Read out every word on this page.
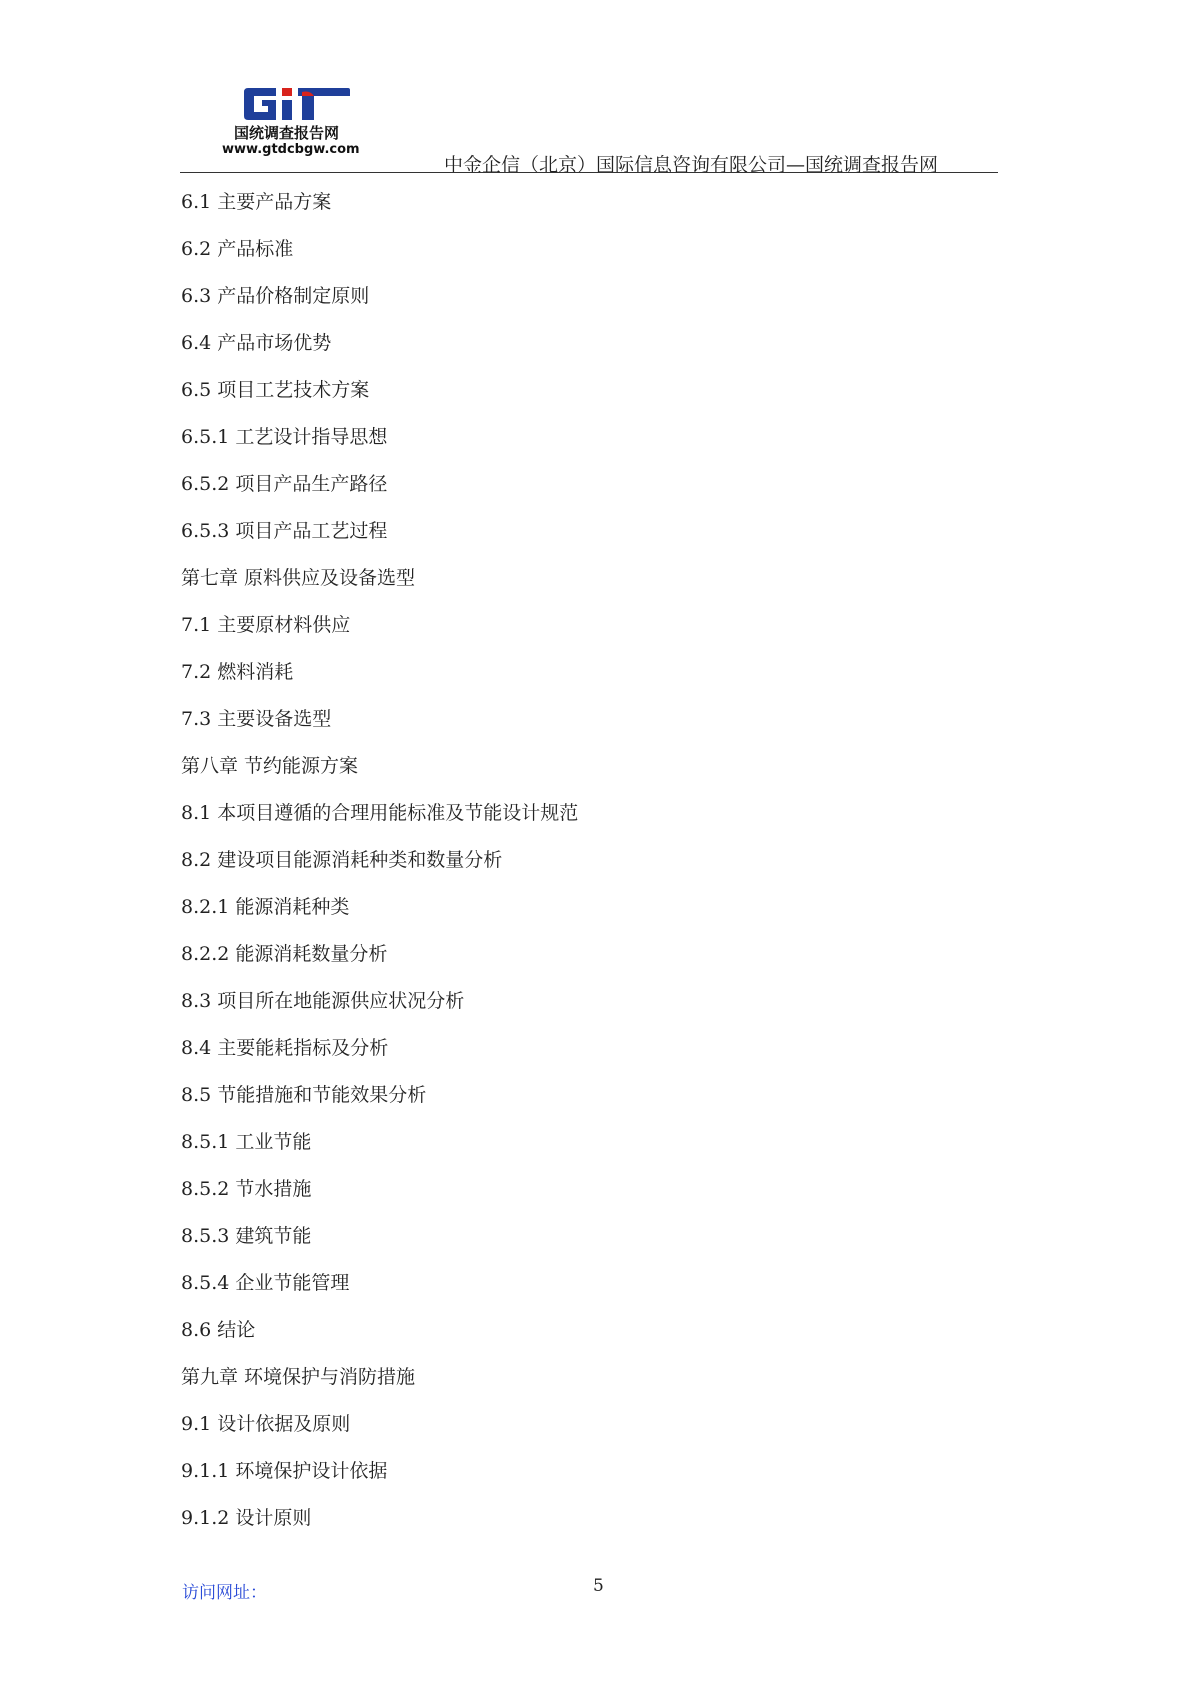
国统调查报告网
www.gtdcbgw.com
中金企信（北京）国际信息咨询有限公司—国统调查报告网
6.1 主要产品方案
6.2 产品标准
6.3 产品价格制定原则
6.4 产品市场优势
6.5 项目工艺技术方案
6.5.1 工艺设计指导思想
6.5.2 项目产品生产路径
6.5.3 项目产品工艺过程
第七章 原料供应及设备选型
7.1 主要原材料供应
7.2 燃料消耗
7.3 主要设备选型
第八章 节约能源方案
8.1 本项目遵循的合理用能标准及节能设计规范
8.2 建设项目能源消耗种类和数量分析
8.2.1 能源消耗种类
8.2.2 能源消耗数量分析
8.3 项目所在地能源供应状况分析
8.4 主要能耗指标及分析
8.5 节能措施和节能效果分析
8.5.1 工业节能
8.5.2 节水措施
8.5.3 建筑节能
8.5.4 企业节能管理
8.6 结论
第九章 环境保护与消防措施
9.1 设计依据及原则
9.1.1 环境保护设计依据
9.1.2 设计原则
访问网址：	5
